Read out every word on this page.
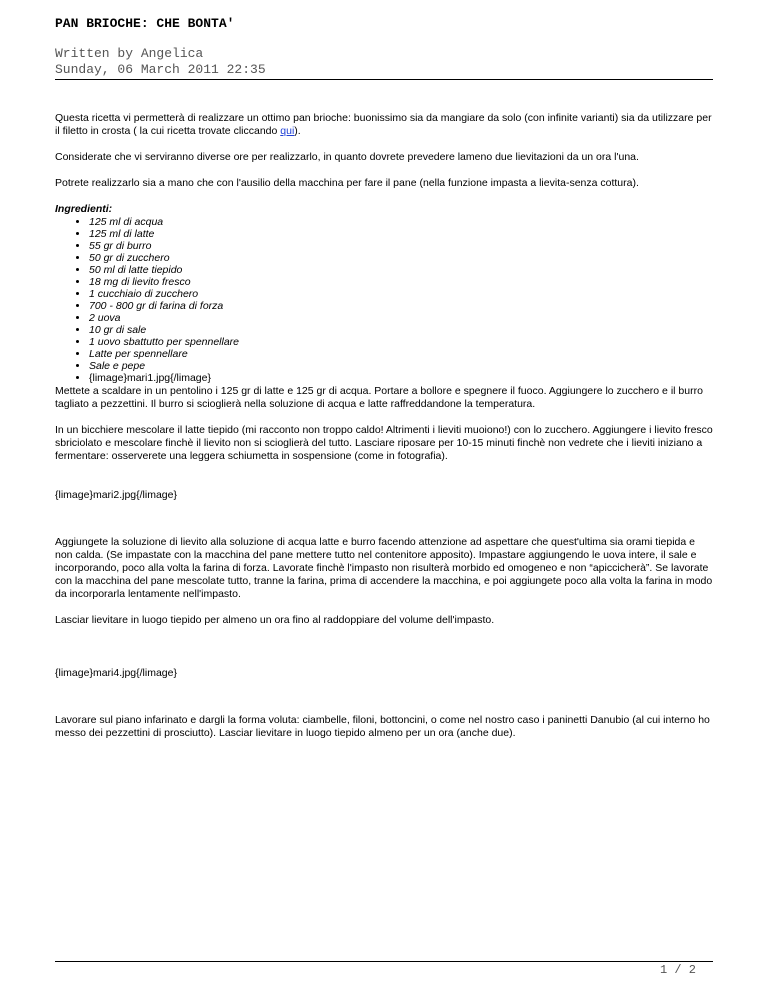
PAN BRIOCHE: CHE BONTA'
Written by Angelica
Sunday, 06 March 2011 22:35

Questa ricetta vi permetterà di realizzare un ottimo pan brioche: buonissimo sia da mangiare da solo (con infinite varianti) sia da utilizzare per il filetto in crosta ( la cui ricetta trovate cliccando qui).

Considerate che vi serviranno diverse ore per realizzarlo, in quanto dovrete prevedere lameno due lievitazioni da un ora l'una.

Potrete realizzarlo sia a mano che con l'ausilio della macchina per fare il pane (nella funzione impasta a lievita-senza cottura).

Ingredienti:
• 125 ml di acqua
• 125 ml di latte
• 55 gr di burro
• 50 gr di zucchero
• 50 ml di latte tiepido
• 18 mg di lievito fresco
• 1 cucchiaio di zucchero
• 700 - 800 gr di farina di forza
• 2 uova
• 10 gr di sale
• 1 uovo sbattutto per spennellare
• Latte per spennellare
• Sale e pepe
• {limage}mari1.jpg{/limage}

Mettete a scaldare in un pentolino i 125 gr di latte e 125 gr di acqua. Portare a bollore e spegnere il fuoco. Aggiungere lo zucchero e il burro tagliato a pezzettini. Il burro si scioglierà nella soluzione di acqua e latte raffreddandone la temperatura.

In un bicchiere mescolare il latte tiepido (mi racconto non troppo caldo! Altrimenti i lieviti muoiono!) con lo zucchero. Aggiungere i lievito fresco sbriciolato e mescolare finchè il lievito non si scioglierà del tutto. Lasciare riposare per 10-15 minuti finchè non vedrete che i lieviti iniziano a fermentare: osserverete una leggera schiumetta in sospensione (come in fotografia).

{limage}mari2.jpg{/limage}

Aggiungete la soluzione di lievito alla soluzione di acqua latte e burro facendo attenzione ad aspettare che quest'ultima sia orami tiepida e non calda. (Se impastate con la macchina del pane mettere tutto nel contenitore apposito). Impastare aggiungendo le uova intere, il sale e incorporando, poco alla volta la farina di forza. Lavorate finchè l'impasto non risulterà morbido ed omogeneo e non “apiccicherà”. Se lavorate con la macchina del pane mescolate tutto, tranne la farina, prima di accendere la macchina, e poi aggiungete poco alla volta la farina in modo da incorporarla lentamente nell'impasto.

Lasciar lievitare in luogo tiepido per almeno un ora fino al raddoppiare del volume dell'impasto.

{limage}mari4.jpg{/limage}

Lavorare sul piano infarinato e dargli la forma voluta: ciambelle, filoni, bottoncini, o come nel nostro caso i paninetti Danubio (al cui interno ho messo dei pezzettini di prosciutto). Lasciar lievitare in luogo tiepido almeno per un ora (anche due).

1 / 2
